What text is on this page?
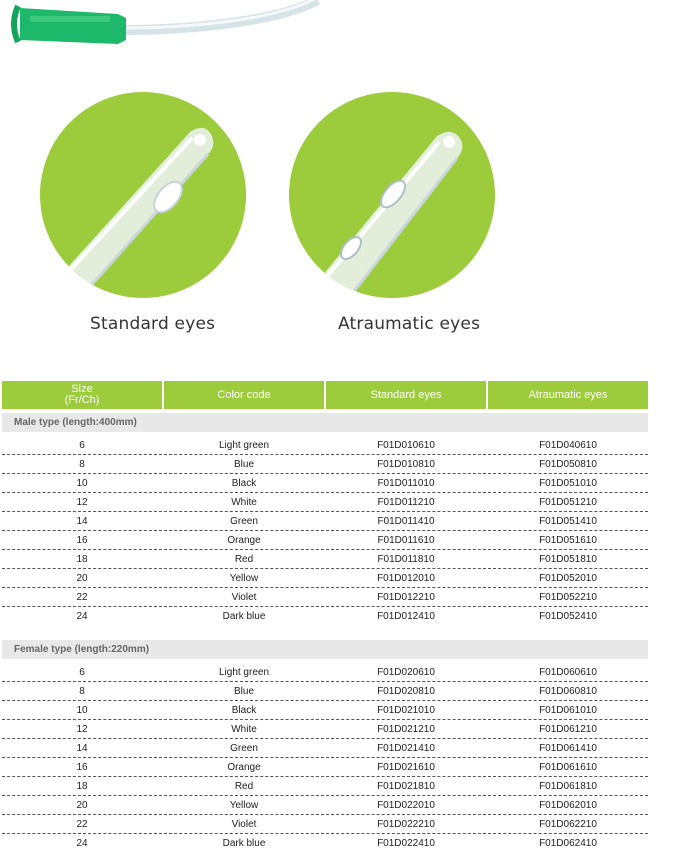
Standard eyes	Atraumatic eyes
Size
(Fr/Ch)	Color code	Standard eyes	Atraumatic eyes

Male type (length:400mm)			

6	Light green	F01D010610	F01D040610
8	Blue	F01D010810	F01D050810
10	Black	F01D011010	F01D051010
12	White	F01D011210	F01D051210
14	Green	F01D011410	F01D051410
16	Orange	F01D011610	F01D051610
18	Red	F01D011810	F01D051810
20	Yellow	F01D012010	F01D052010
22	Violet	F01D012210	F01D052210
24	Dark blue	F01D012410	F01D052410

Female type (length:220mm)			

6	Light green	F01D020610	F01D060610
8	Blue	F01D020810	F01D060810
10	Black	F01D021010	F01D061010
12	White	F01D021210	F01D061210
14	Green	F01D021410	F01D061410
16	Orange	F01D021610	F01D061610
18	Red	F01D021810	F01D061810
20	Yellow	F01D022010	F01D062010
22	Violet	F01D022210	F01D062210
24	Dark blue	F01D022410	F01D062410
